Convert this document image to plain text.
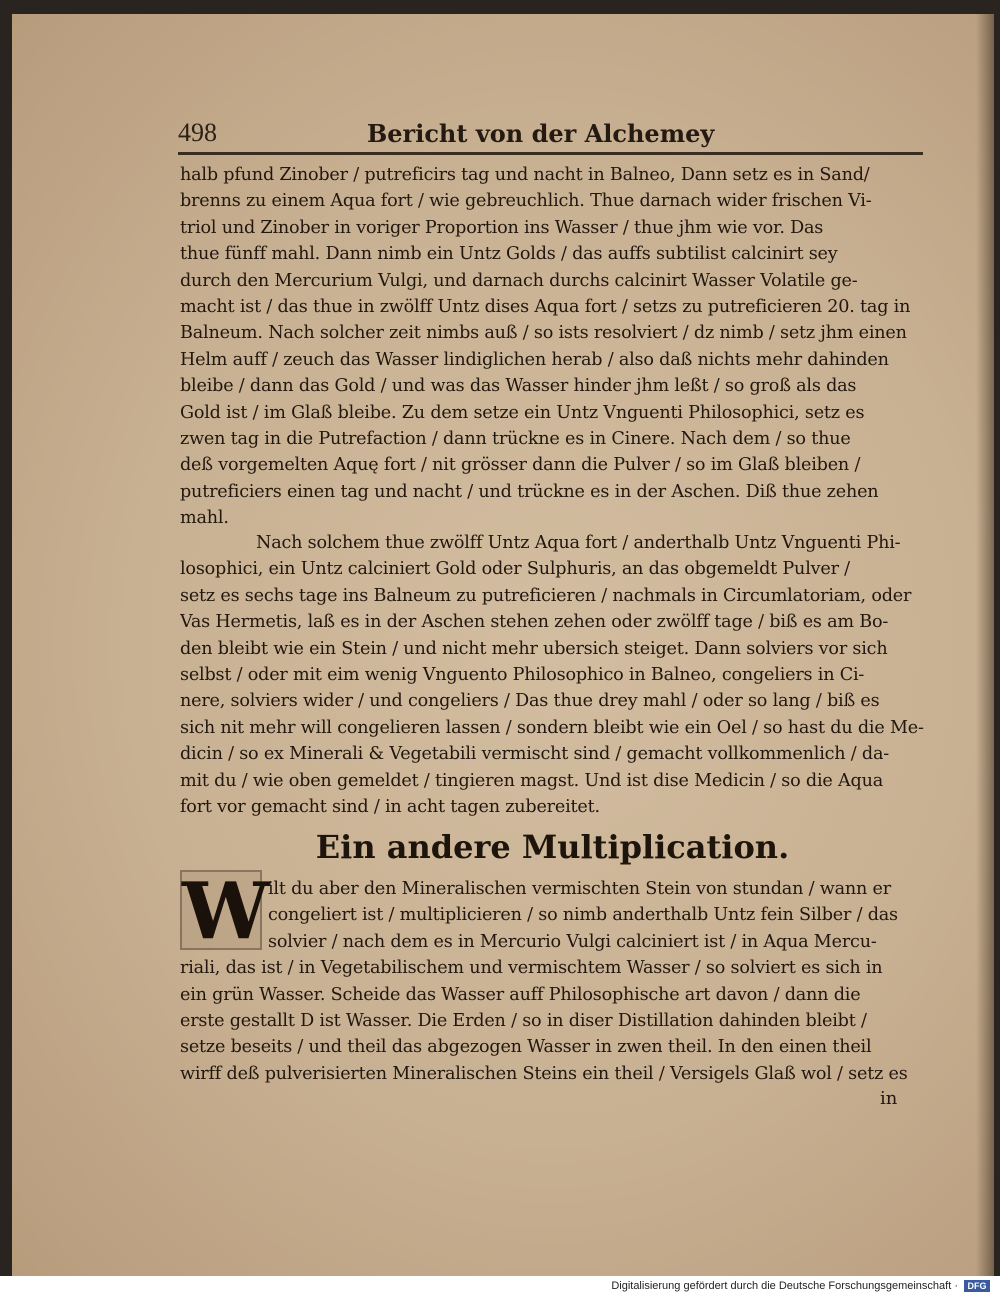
498	Bericht von der Alchemey
halb pfund Zinober / putreficirs tag und nacht in Balneo, Dann setz es in Sand/
brenns zu einem Aqua fort / wie gebreuchlich. Thue darnach wider frischen Vi-
triol und Zinober in voriger Proportion ins Wasser / thue jhm wie vor. Das
thue fünff mahl. Dann nimb ein Untz Golds / das auffs subtilist calcinirt sey
durch den Mercurium Vulgi, und darnach durchs calcinirt Wasser Volatile ge-
macht ist / das thue in zwölff Untz dises Aqua fort / setzs zu putreficieren 20. tag in
Balneum. Nach solcher zeit nimbs auß / so ists resolviert / dz nimb / setz jhm einen
Helm auff / zeuch das Wasser lindiglichen herab / also daß nichts mehr dahinden
bleibe / dann das Gold / und was das Wasser hinder jhm leßt / so groß als das
Gold ist / im Glaß bleibe. Zu dem setze ein Untz Vnguenti Philosophici, setz es
zwen tag in die Putrefaction / dann trückne es in Cinere. Nach dem / so thue
deß vorgemelten Aquę fort / nit grösser dann die Pulver / so im Glaß bleiben /
putreficiers einen tag und nacht / und trückne es in der Aschen. Diß thue zehen
mahl.
Nach solchem thue zwölff Untz Aqua fort / anderthalb Untz Vnguenti Phi-
losophici, ein Untz calciniert Gold oder Sulphuris, an das obgemeldt Pulver /
setz es sechs tage ins Balneum zu putreficieren / nachmals in Circumlatoriam, oder
Vas Hermetis, laß es in der Aschen stehen zehen oder zwölff tage / biß es am Bo-
den bleibt wie ein Stein / und nicht mehr ubersich steiget. Dann solviers vor sich
selbst / oder mit eim wenig Vnguento Philosophico in Balneo, congeliers in Ci-
nere, solviers wider / und congeliers / Das thue drey mahl / oder so lang / biß es
sich nit mehr will congelieren lassen / sondern bleibt wie ein Oel / so hast du die Me-
dicin / so ex Minerali & Vegetabili vermischt sind / gemacht vollkommenlich / da-
mit du / wie oben gemeldet / tingieren magst. Und ist dise Medicin / so die Aqua
fort vor gemacht sind / in acht tagen zubereitet.
Ein andere Multiplication.
W
ilt du aber den Mineralischen vermischten Stein von stundan / wann er
congeliert ist / multiplicieren / so nimb anderthalb Untz fein Silber / das
solvier / nach dem es in Mercurio Vulgi calciniert ist / in Aqua Mercu-
riali, das ist / in Vegetabilischem und vermischtem Wasser / so solviert es sich in
ein grün Wasser. Scheide das Wasser auff Philosophische art davon / dann die
erste gestallt D ist Wasser. Die Erden / so in diser Distillation dahinden bleibt /
setze beseits / und theil das abgezogen Wasser in zwen theil. In den einen theil
wirff deß pulverisierten Mineralischen Steins ein theil / Versigels Glaß wol / setz es
in
Digitalisierung gefördert durch die Deutsche Forschungsgemeinschaft ·	DFG
